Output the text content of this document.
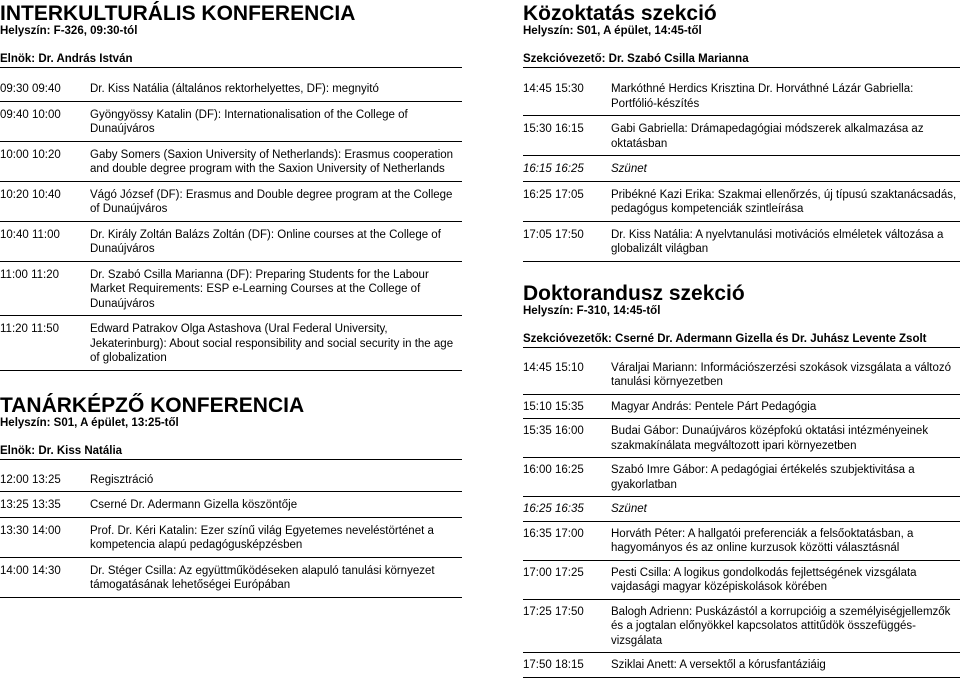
INTERKULTURÁLIS KONFERENCIA
Helyszín: F-326, 09:30-tól
Elnök: Dr. András István
09:30 09:40	Dr. Kiss Natália (általános rektorhelyettes, DF): megnyitó
09:40 10:00	Gyöngyössy Katalin (DF): Internationalisation of the College of Dunaújváros
10:00 10:20	Gaby Somers (Saxion University of Netherlands): Erasmus cooperation and double degree program with the Saxion University of Netherlands
10:20 10:40	Vágó József (DF): Erasmus and Double degree program at the College of Dunaújváros
10:40 11:00	Dr. Király Zoltán Balázs Zoltán (DF): Online courses at the College of Dunaújváros
11:00 11:20	Dr. Szabó Csilla Marianna (DF): Preparing Students for the Labour Market Requirements: ESP e-Learning Courses at the College of Dunaújváros
11:20 11:50	Edward Patrakov Olga Astashova (Ural Federal University, Jekaterinburg): About social responsibility and social security in the age of globalization
TANÁRKÉPZŐ KONFERENCIA
Helyszín: S01, A épület, 13:25-től
Elnök: Dr. Kiss Natália
12:00 13:25	Regisztráció
13:25 13:35	Cserné Dr. Adermann Gizella köszöntője
13:30 14:00	Prof. Dr. Kéri Katalin: Ezer színű világ Egyetemes neveléstörténet a kompetencia alapú pedagógusképzésben
14:00 14:30	Dr. Stéger Csilla: Az együttműködéseken alapuló tanulási környezet támogatásának lehetőségei Európában
Közoktatás szekció
Helyszín: S01, A épület, 14:45-től
Szekcióvezető: Dr. Szabó Csilla Marianna
14:45 15:30	Markóthné Herdics Krisztina Dr. Horváthné Lázár Gabriella: Portfólió-készítés
15:30 16:15	Gabi Gabriella: Drámapedagógiai módszerek alkalmazása az oktatásban
16:15 16:25	Szünet
16:25 17:05	Pribékné Kazi Erika: Szakmai ellenőrzés, új típusú szaktanácsadás, pedagógus kompetenciák szintleírása
17:05 17:50	Dr. Kiss Natália: A nyelvtanulási motivációs elméletek változása a globalizált világban
Doktorandusz szekció
Helyszín: F-310, 14:45-től
Szekcióvezetők: Cserné Dr. Adermann Gizella és Dr. Juhász Levente Zsolt
14:45 15:10	Váraljai Mariann: Információszerzési szokások vizsgálata a változó tanulási környezetben
15:10 15:35	Magyar András: Pentele Párt Pedagógia
15:35 16:00	Budai Gábor: Dunaújváros középfokú oktatási intézményeinek szakmakínálata megváltozott ipari környezetben
16:00 16:25	Szabó Imre Gábor: A pedagógiai értékelés szubjektivitása a gyakorlatban
16:25 16:35	Szünet
16:35 17:00	Horváth Péter: A hallgatói preferenciák a felsőoktatásban, a hagyományos és az online kurzusok közötti választásnál
17:00 17:25	Pesti Csilla: A logikus gondolkodás fejlettségének vizsgálata vajdasági magyar középiskolások körében
17:25 17:50	Balogh Adrienn: Puskázástól a korrupcióig a személyiségjellemzők és a jogtalan előnyökkel kapcsolatos attitűdök összefüggés-vizsgálata
17:50 18:15	Sziklai Anett: A versektől a kórusfantáziáig
